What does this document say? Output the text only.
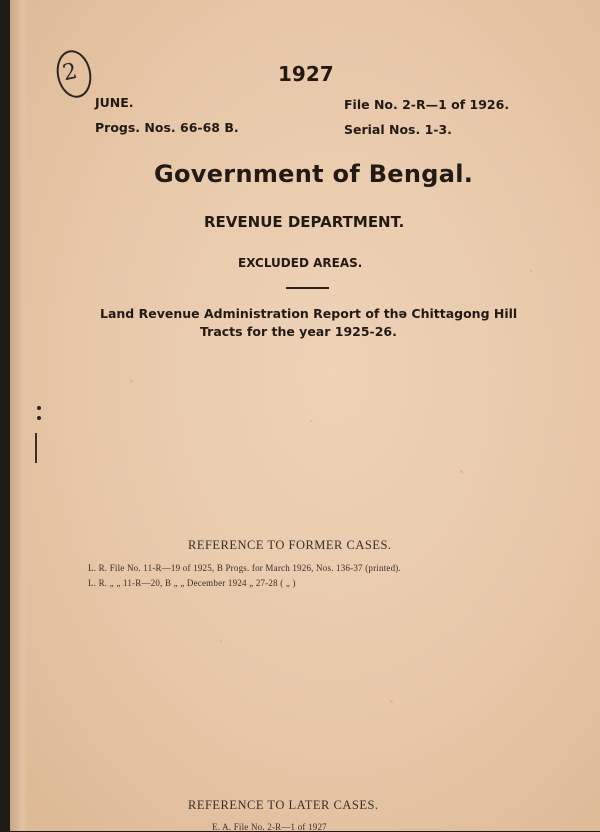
2	1927
JUNE.	File No. 2-R—1 of 1926.
Progs. Nos. 66-68 B.	Serial Nos. 1-3.
Government of Bengal.
REVENUE DEPARTMENT.
EXCLUDED AREAS.
Land Revenue Administration Report of thə Chittagong Hill
Tracts for the year 1925-26.
REFERENCE TO FORMER CASES.
L. R. File No. 11-R—19 of 1925, B Progs. for March 1926, Nos. 136-37 (printed).
L. R. „ „ 11-R—20, B „ „ December 1924 „ 27-28 ( „ )
REFERENCE TO LATER CASES.
E. A. File No. 2-R—1 of 1927
